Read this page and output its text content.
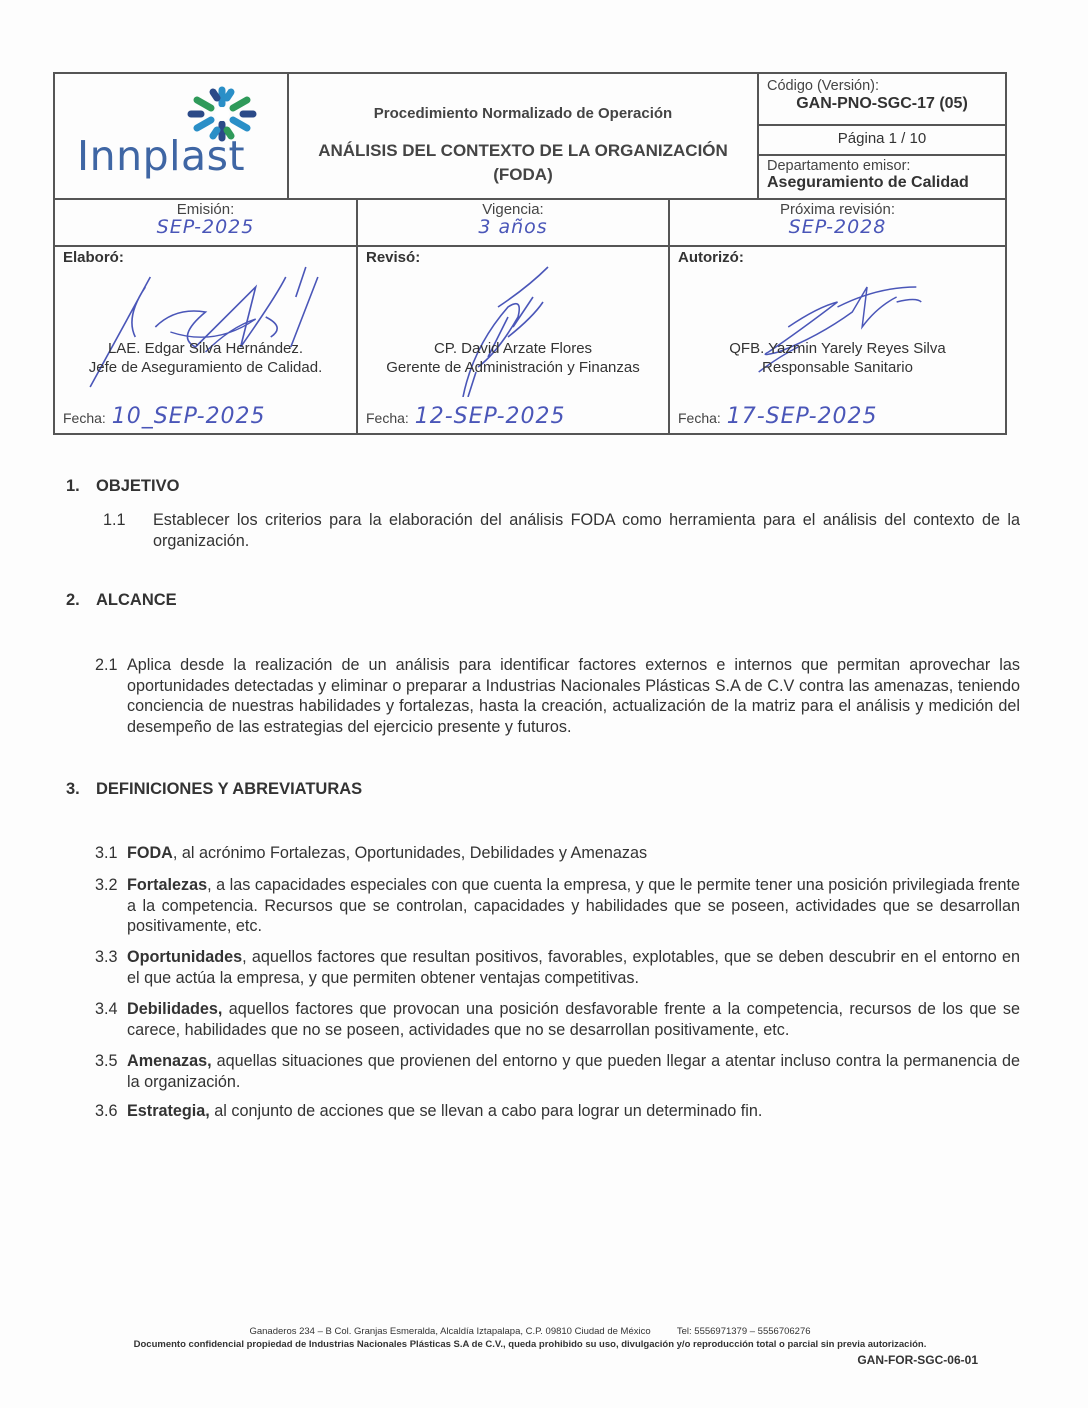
Innplast
Procedimiento Normalizado de Operación
ANÁLISIS DEL CONTEXTO DE LA ORGANIZACIÓN
(FODA)
Código (Versión):
GAN-PNO-SGC-17 (05)
Página 1 / 10
Departamento emisor:
Aseguramiento de Calidad
Emisión:
SEP-2025
Vigencia:
3 años
Próxima revisión:
SEP-2028
Elaboró:
LAE. Edgar Silva Hernández.
Jefe de Aseguramiento de Calidad.
Fecha: 10_SEP-2025
Revisó:
CP. David Arzate Flores
Gerente de Administración y Finanzas
Fecha: 12-SEP-2025
Autorizó:
QFB. Yazmin Yarely Reyes Silva
Responsable Sanitario
Fecha: 17-SEP-2025
1. OBJETIVO
1.1 Establecer los criterios para la elaboración del análisis FODA como herramienta para el análisis del contexto de la organización.
2. ALCANCE
2.1 Aplica desde la realización de un análisis para identificar factores externos e internos que permitan aprovechar las oportunidades detectadas y eliminar o preparar a Industrias Nacionales Plásticas S.A de C.V contra las amenazas, teniendo conciencia de nuestras habilidades y fortalezas, hasta la creación, actualización de la matriz para el análisis y medición del desempeño de las estrategias del ejercicio presente y futuros.
3. DEFINICIONES Y ABREVIATURAS
3.1 FODA, al acrónimo Fortalezas, Oportunidades, Debilidades y Amenazas
3.2 Fortalezas, a las capacidades especiales con que cuenta la empresa, y que le permite tener una posición privilegiada frente a la competencia. Recursos que se controlan, capacidades y habilidades que se poseen, actividades que se desarrollan positivamente, etc.
3.3 Oportunidades, aquellos factores que resultan positivos, favorables, explotables, que se deben descubrir en el entorno en el que actúa la empresa, y que permiten obtener ventajas competitivas.
3.4 Debilidades, aquellos factores que provocan una posición desfavorable frente a la competencia, recursos de los que se carece, habilidades que no se poseen, actividades que no se desarrollan positivamente, etc.
3.5 Amenazas, aquellas situaciones que provienen del entorno y que pueden llegar a atentar incluso contra la permanencia de la organización.
3.6 Estrategia, al conjunto de acciones que se llevan a cabo para lograr un determinado fin.
Ganaderos 234 – B Col. Granjas Esmeralda, Alcaldía Iztapalapa, C.P. 09810 Ciudad de México          Tel: 5556971379 – 5556706276
Documento confidencial propiedad de Industrias Nacionales Plásticas S.A de C.V., queda prohibido su uso, divulgación y/o reproducción total o parcial sin previa autorización.
GAN-FOR-SGC-06-01
